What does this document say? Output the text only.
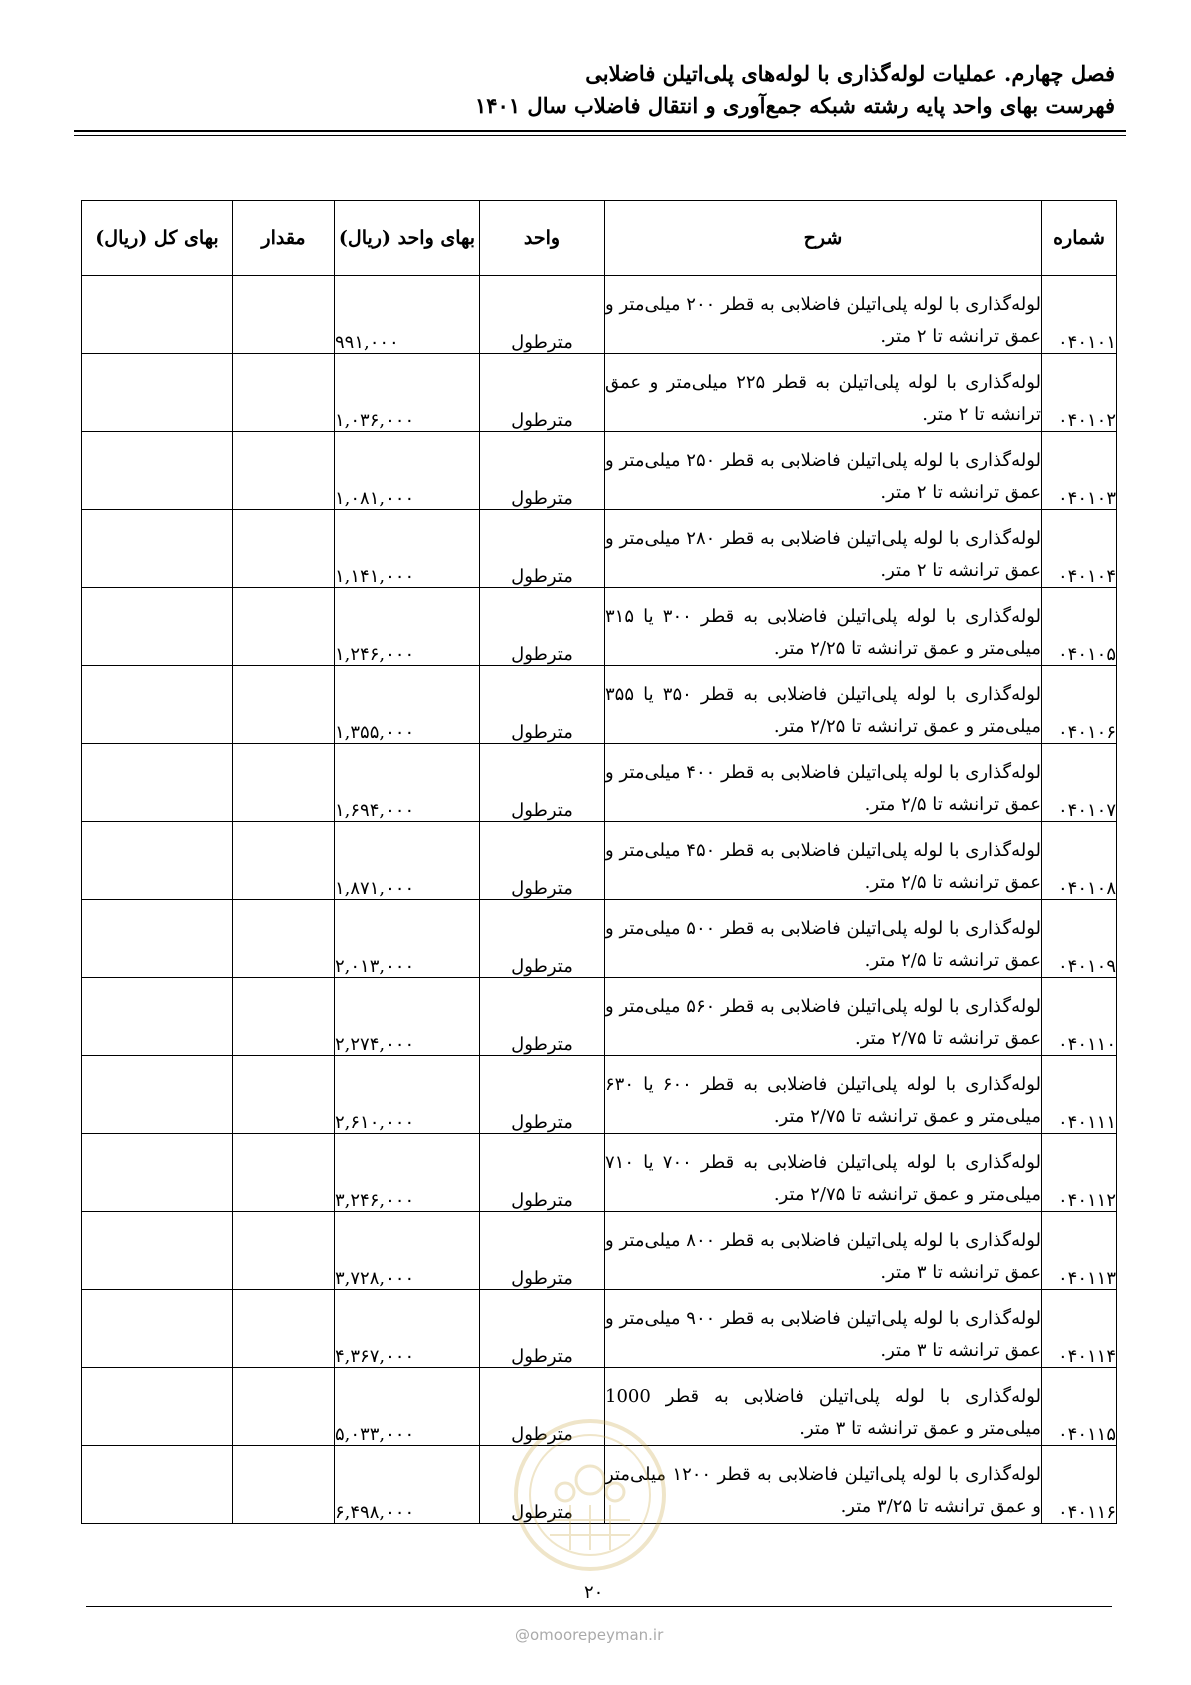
فصل چهارم. عملیات لوله‌گذاری با لوله‌های پلی‌اتیلن فاضلابی
فهرست بهای واحد پایه رشته شبکه جمع‌آوری و انتقال فاضلاب سال ۱۴۰۱
شماره	شرح	واحد	بهای واحد (ریال)	مقدار	بهای کل (ریال)
۰۴۰۱۰۱	لوله‌گذاری با لوله پلی‌اتیلن فاضلابی به قطر ۲۰۰ میلی‌متر و عمق ترانشه تا ۲ متر.	مترطول	۹۹۱,۰۰۰		
۰۴۰۱۰۲	لوله‌گذاری با لوله پلی‌اتیلن به قطر ۲۲۵ میلی‌متر و عمق ترانشه تا ۲ متر.	مترطول	۱,۰۳۶,۰۰۰		
۰۴۰۱۰۳	لوله‌گذاری با لوله پلی‌اتیلن فاضلابی به قطر ۲۵۰ میلی‌متر و عمق ترانشه تا ۲ متر.	مترطول	۱,۰۸۱,۰۰۰		
۰۴۰۱۰۴	لوله‌گذاری با لوله پلی‌اتیلن فاضلابی به قطر ۲۸۰ میلی‌متر و عمق ترانشه تا ۲ متر.	مترطول	۱,۱۴۱,۰۰۰		
۰۴۰۱۰۵	لوله‌گذاری با لوله پلی‌اتیلن فاضلابی به قطر ۳۰۰ یا ۳۱۵ میلی‌متر و عمق ترانشه تا ۲/۲۵ متر.	مترطول	۱,۲۴۶,۰۰۰		
۰۴۰۱۰۶	لوله‌گذاری با لوله پلی‌اتیلن فاضلابی به قطر ۳۵۰ یا ۳۵۵ میلی‌متر و عمق ترانشه تا ۲/۲۵ متر.	مترطول	۱,۳۵۵,۰۰۰		
۰۴۰۱۰۷	لوله‌گذاری با لوله پلی‌اتیلن فاضلابی به قطر ۴۰۰ میلی‌متر و عمق ترانشه تا ۲/۵ متر.	مترطول	۱,۶۹۴,۰۰۰		
۰۴۰۱۰۸	لوله‌گذاری با لوله پلی‌اتیلن فاضلابی به قطر ۴۵۰ میلی‌متر و عمق ترانشه تا ۲/۵ متر.	مترطول	۱,۸۷۱,۰۰۰		
۰۴۰۱۰۹	لوله‌گذاری با لوله پلی‌اتیلن فاضلابی به قطر ۵۰۰ میلی‌متر و عمق ترانشه تا ۲/۵ متر.	مترطول	۲,۰۱۳,۰۰۰		
۰۴۰۱۱۰	لوله‌گذاری با لوله پلی‌اتیلن فاضلابی به قطر ۵۶۰ میلی‌متر و عمق ترانشه تا ۲/۷۵ متر.	مترطول	۲,۲۷۴,۰۰۰		
۰۴۰۱۱۱	لوله‌گذاری با لوله پلی‌اتیلن فاضلابی به قطر ۶۰۰ یا ۶۳۰ میلی‌متر و عمق ترانشه تا ۲/۷۵ متر.	مترطول	۲,۶۱۰,۰۰۰		
۰۴۰۱۱۲	لوله‌گذاری با لوله پلی‌اتیلن فاضلابی به قطر ۷۰۰ یا ۷۱۰ میلی‌متر و عمق ترانشه تا ۲/۷۵ متر.	مترطول	۳,۲۴۶,۰۰۰		
۰۴۰۱۱۳	لوله‌گذاری با لوله پلی‌اتیلن فاضلابی به قطر ۸۰۰ میلی‌متر و عمق ترانشه تا ۳ متر.	مترطول	۳,۷۲۸,۰۰۰		
۰۴۰۱۱۴	لوله‌گذاری با لوله پلی‌اتیلن فاضلابی به قطر ۹۰۰ میلی‌متر و عمق ترانشه تا ۳ متر.	مترطول	۴,۳۶۷,۰۰۰		
۰۴۰۱۱۵	لوله‌گذاری با لوله پلی‌اتیلن فاضلابی به قطر 1000 میلی‌متر و عمق ترانشه تا ۳ متر.	مترطول	۵,۰۳۳,۰۰۰		
۰۴۰۱۱۶	لوله‌گذاری با لوله پلی‌اتیلن فاضلابی به قطر ۱۲۰۰ میلی‌متر و عمق ترانشه تا ۳/۲۵ متر.	مترطول	۶,۴۹۸,۰۰۰		
۲۰
@omoorepeyman.ir
